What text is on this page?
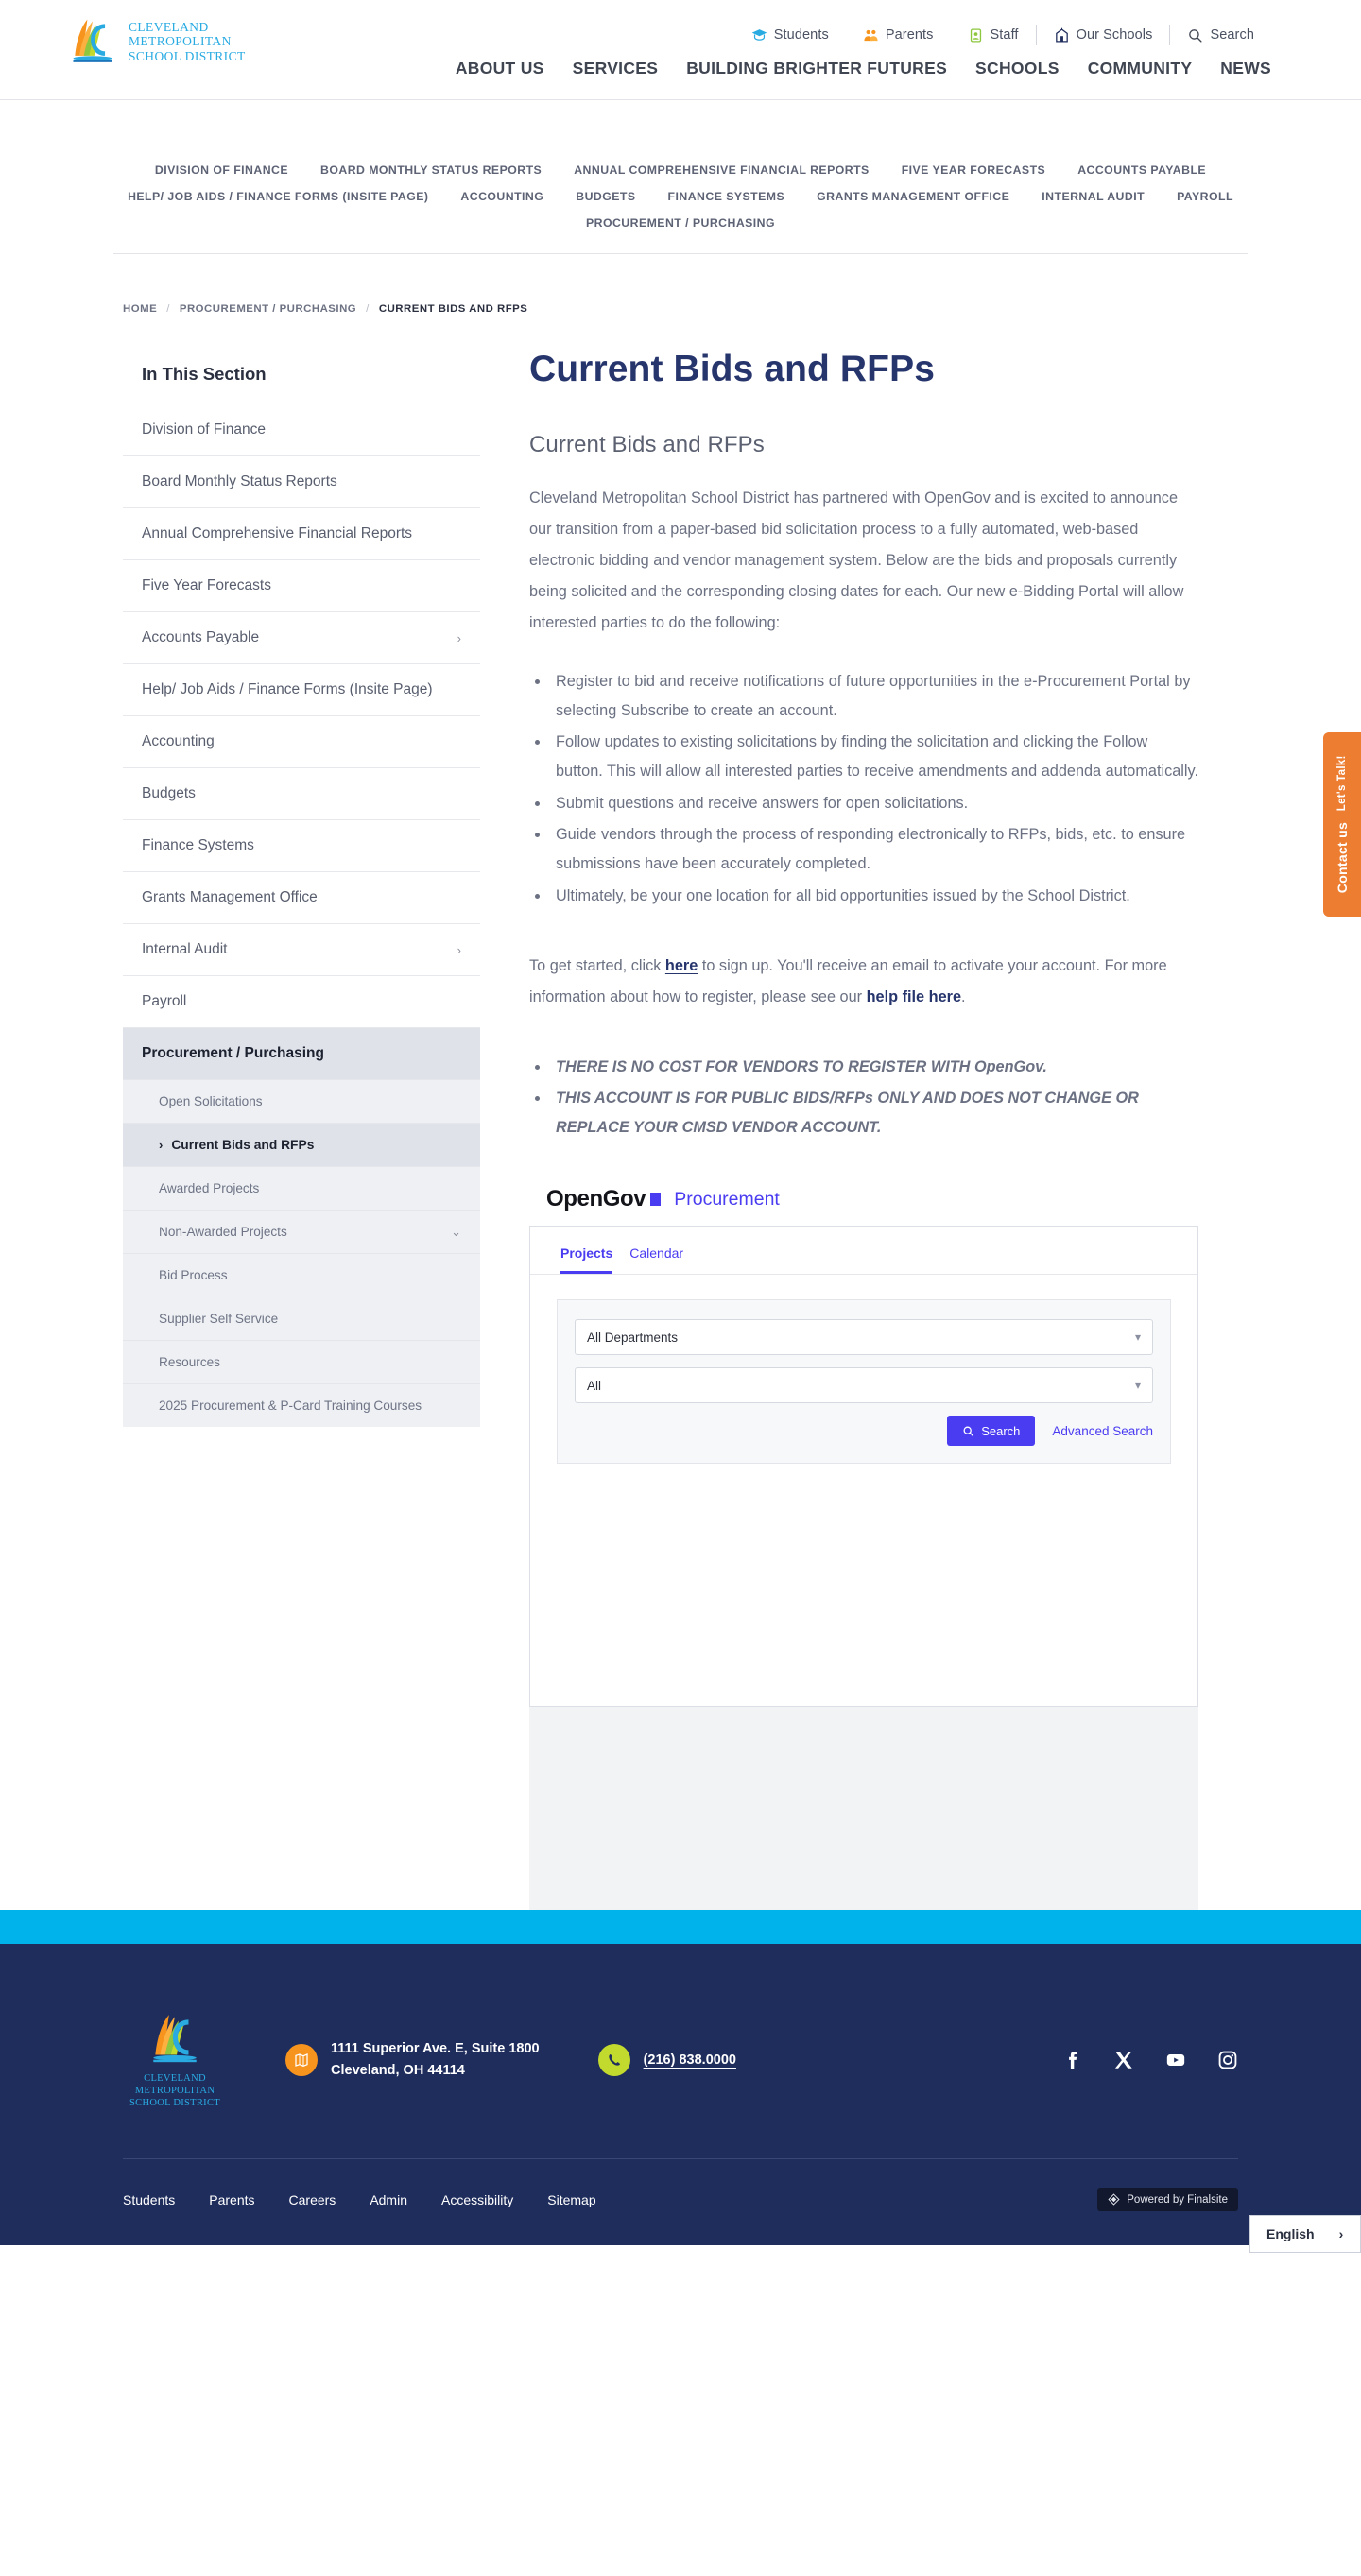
CLEVELAND
METROPOLITAN
SCHOOL DISTRICT
Students	Parents	Staff	Our Schools	Search
ABOUT US SERVICES BUILDING BRIGHTER FUTURES SCHOOLS COMMUNITY NEWS
DIVISION OF FINANCE	BOARD MONTHLY STATUS REPORTS	ANNUAL COMPREHENSIVE FINANCIAL REPORTS	FIVE YEAR FORECASTS	ACCOUNTS PAYABLE
HELP/ JOB AIDS / FINANCE FORMS (INSITE PAGE)	ACCOUNTING	BUDGETS	FINANCE SYSTEMS	GRANTS MANAGEMENT OFFICE	INTERNAL AUDIT	PAYROLL
PROCUREMENT / PURCHASING
HOME / PROCUREMENT / PURCHASING / CURRENT BIDS AND RFPS
In This Section
Division of Finance
Board Monthly Status Reports
Annual Comprehensive Financial Reports
Five Year Forecasts
Accounts Payable	›
Help/ Job Aids / Finance Forms (Insite Page)
Accounting
Budgets
Finance Systems
Grants Management Office
Internal Audit	›
Payroll
Procurement / Purchasing
Open Solicitations
› Current Bids and RFPs
Awarded Projects
Non-Awarded Projects	⌄
Bid Process
Supplier Self Service
Resources
2025 Procurement & P-Card Training Courses
Current Bids and RFPs
Current Bids and RFPs

Cleveland Metropolitan School District has partnered with OpenGov and is excited to announce our transition from a paper-based bid solicitation process to a fully automated, web-based electronic bidding and vendor management system. Below are the bids and proposals currently being solicited and the corresponding closing dates for each. Our new e-Bidding Portal will allow interested parties to do the following:

• Register to bid and receive notifications of future opportunities in the e-Procurement Portal by selecting Subscribe to create an account.
• Follow updates to existing solicitations by finding the solicitation and clicking the Follow button. This will allow all interested parties to receive amendments and addenda automatically.
• Submit questions and receive answers for open solicitations.
• Guide vendors through the process of responding electronically to RFPs, bids, etc. to ensure submissions have been accurately completed.
• Ultimately, be your one location for all bid opportunities issued by the School District.

To get started, click here to sign up. You'll receive an email to activate your account. For more information about how to register, please see our help file here.

• THERE IS NO COST FOR VENDORS TO REGISTER WITH OpenGov.
• THIS ACCOUNT IS FOR PUBLIC BIDS/RFPs ONLY AND DOES NOT CHANGE OR REPLACE YOUR CMSD VENDOR ACCOUNT.
OpenGov Procurement
Projects Calendar
All Departments	▾
All	▾
Search	Advanced Search
Contact us
Let's Talk!
CLEVELAND
METROPOLITAN
SCHOOL DISTRICT
1111 Superior Ave. E, Suite 1800
Cleveland, OH 44114
(216) 838.0000
Students	Parents	Careers	Admin	Accessibility	Sitemap	Powered by Finalsite
English ›
